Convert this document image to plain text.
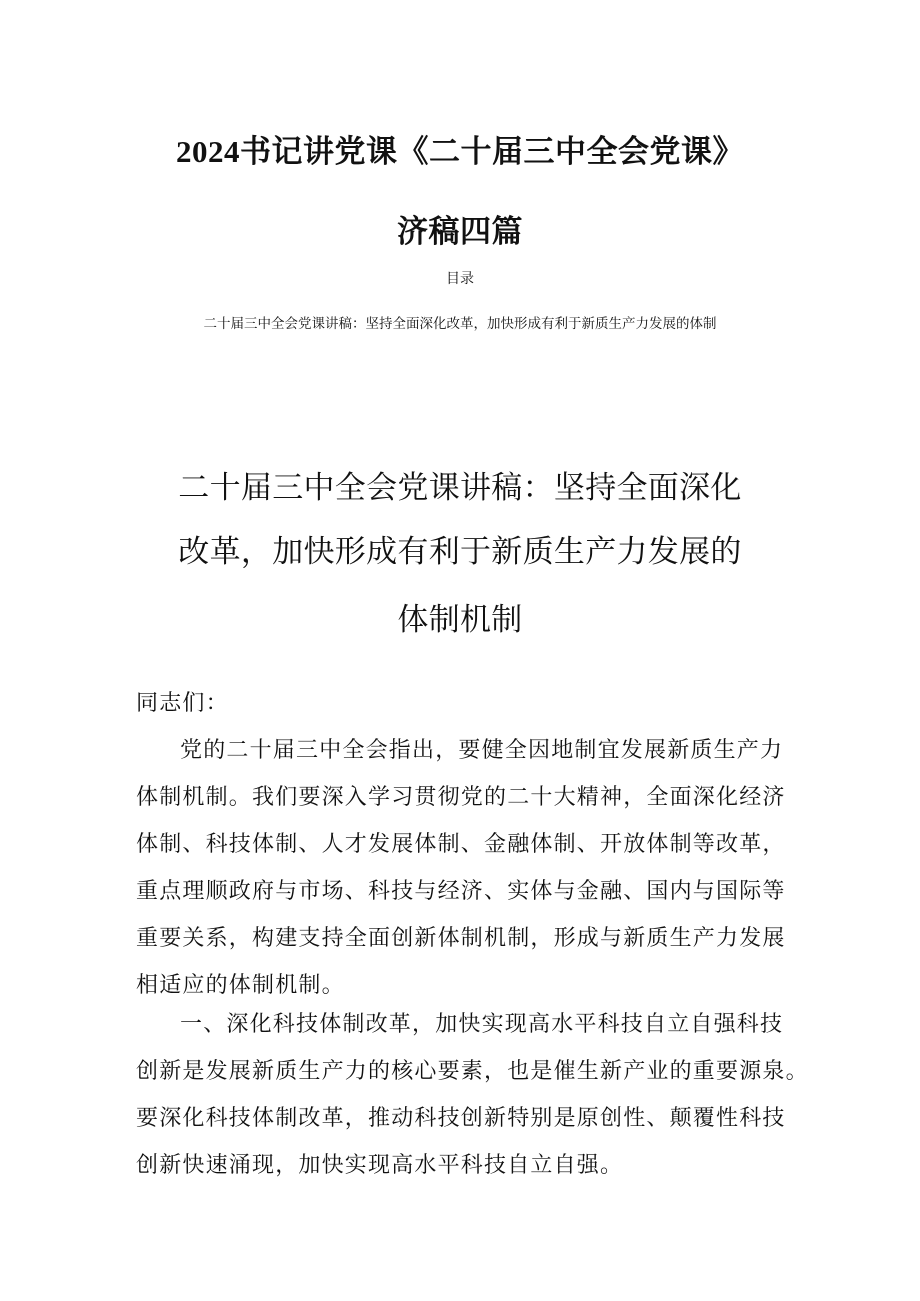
2024书记讲党课《二十届三中全会党课》
济稿四篇
目录
二十届三中全会党课讲稿：坚持全面深化改革，加快形成有利于新质生产力发展的体制
二十届三中全会党课讲稿：坚持全面深化
改革，加快形成有利于新质生产力发展的
体制机制
同志们：
党的二十届三中全会指出，要健全因地制宜发展新质生产力
体制机制。我们要深入学习贯彻党的二十大精神，全面深化经济
体制、科技体制、人才发展体制、金融体制、开放体制等改革，
重点理顺政府与市场、科技与经济、实体与金融、国内与国际等
重要关系，构建支持全面创新体制机制，形成与新质生产力发展
相适应的体制机制。
一、深化科技体制改革，加快实现高水平科技自立自强科技
创新是发展新质生产力的核心要素，也是催生新产业的重要源泉。
要深化科技体制改革，推动科技创新特别是原创性、颠覆性科技
创新快速涌现，加快实现高水平科技自立自强。
